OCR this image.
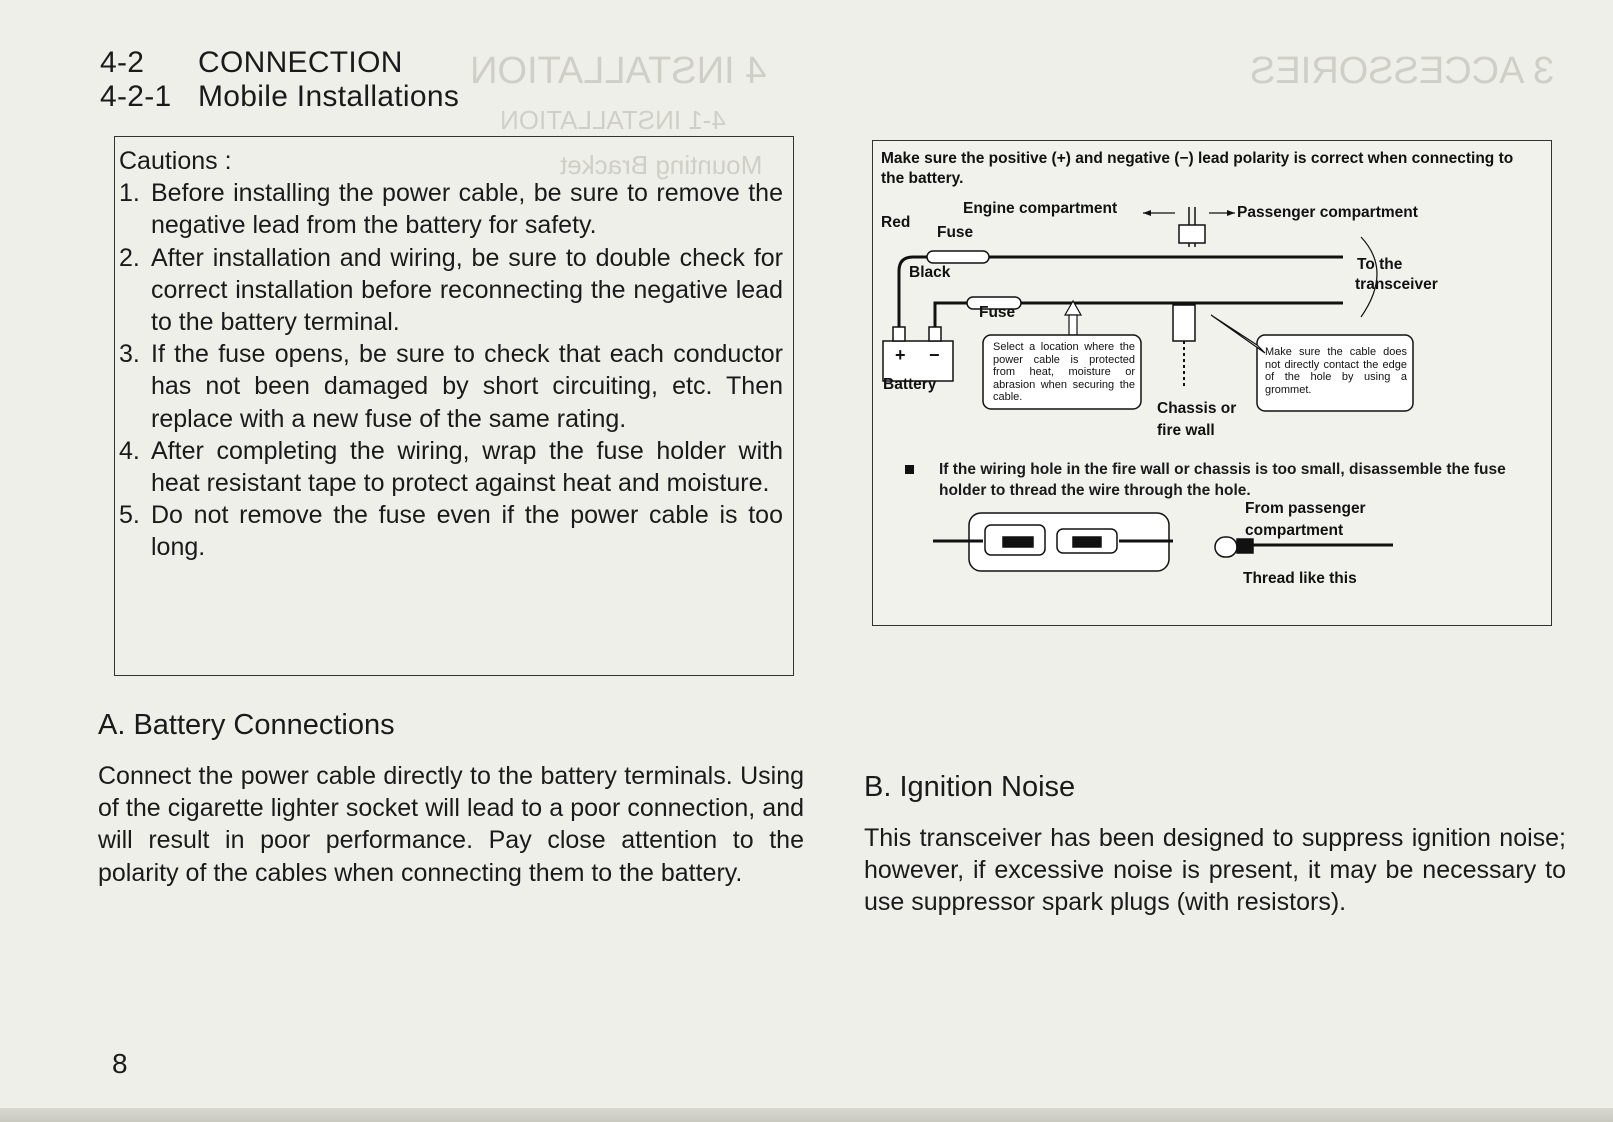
3 ACCESSORIES
4 INSTALLATION
Mounting Bracket
4-1 INSTALLATION
4-2 CONNECTION
4-2-1 Mobile Installations

Cautions :

1. Before installing the power cable, be sure to remove the negative lead from the battery for safety.
2. After installation and wiring, be sure to double check for correct installation before reconnecting the negative lead to the battery terminal.
3. If the fuse opens, be sure to check that each conductor has not been damaged by short circuiting, etc. Then replace with a new fuse of the same rating.
4. After completing the wiring, wrap the fuse holder with heat resistant tape to protect against heat and moisture.
5. Do not remove the fuse even if the power cable is too long.
A. Battery Connections
Connect the power cable directly to the battery terminals. Using of the cigarette lighter socket will lead to a poor connection, and will result in poor performance. Pay close attention to the polarity of the cables when connecting them to the battery.
B. Ignition Noise
This transceiver has been designed to suppress ignition noise; however, if excessive noise is present, it may be necessary to use suppressor spark plugs (with resistors).
Make sure the positive (+) and negative (−) lead polarity is correct when connecting to the battery.
Engine compartment	Passenger compartment
Red
Fuse
Black
Fuse
To the
transceiver
+ −
Battery
Chassis or
fire wall
Select a location where the power cable is protected from heat, moisture or abrasion when securing the cable.
Make sure the cable does not directly contact the edge of the hole by using a grommet.
If the wiring hole in the fire wall or chassis is too small, disassemble the fuse holder to thread the wire through the hole.
From passenger
compartment
Thread like this
8
